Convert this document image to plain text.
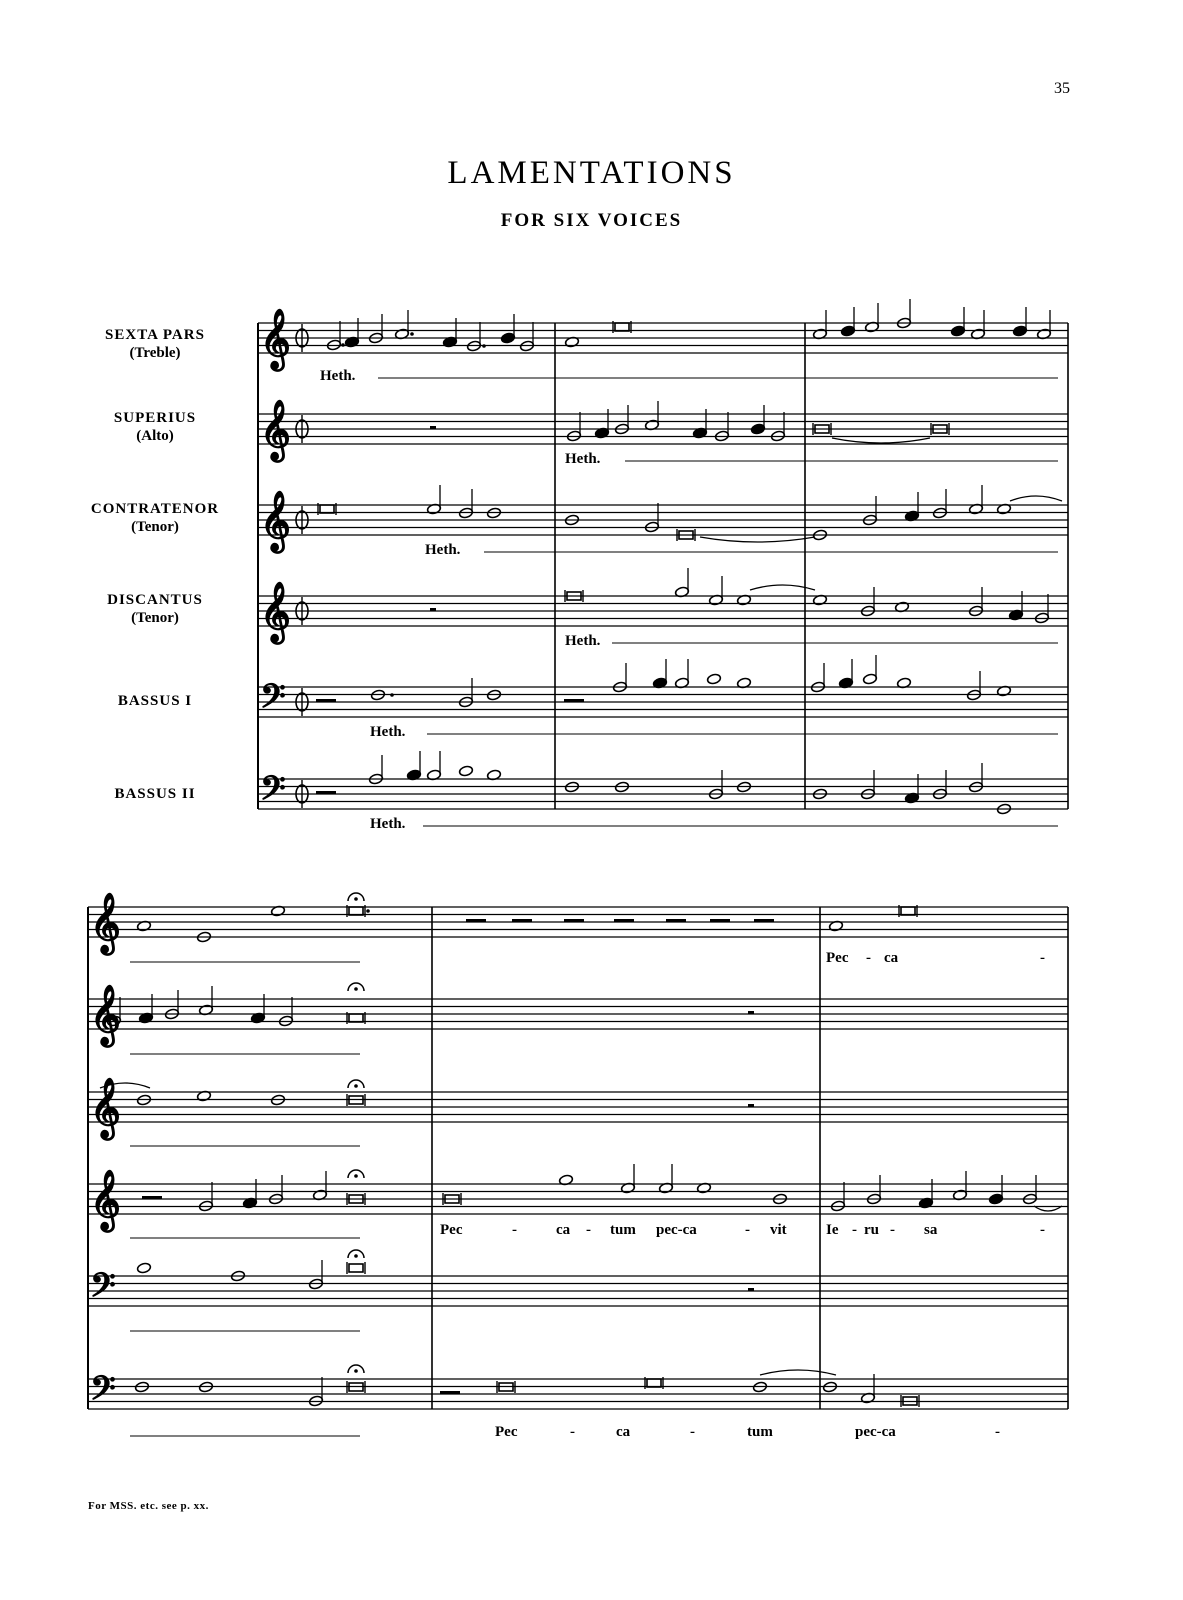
35
LAMENTATIONS
FOR SIX VOICES
SEXTA PARS
(Treble)
SUPERIUS
(Alto)
CONTRATENOR
(Tenor)
DISCANTUS
(Tenor)
BASSUS I
BASSUS II
𝄞
𝄞
𝄞
𝄞
𝄢
𝄢
𝄞
𝄞
𝄞
𝄞
𝄢
𝄢
Heth.
Heth.
Heth.
Heth.
Heth.
Heth.
Pec - ca	-
Pec	-	ca - tum pec-ca	- vit	Ie - ru - sa	-
Pec	-	ca	-	tum	pec-ca	-
For MSS. etc. see p. xx.
